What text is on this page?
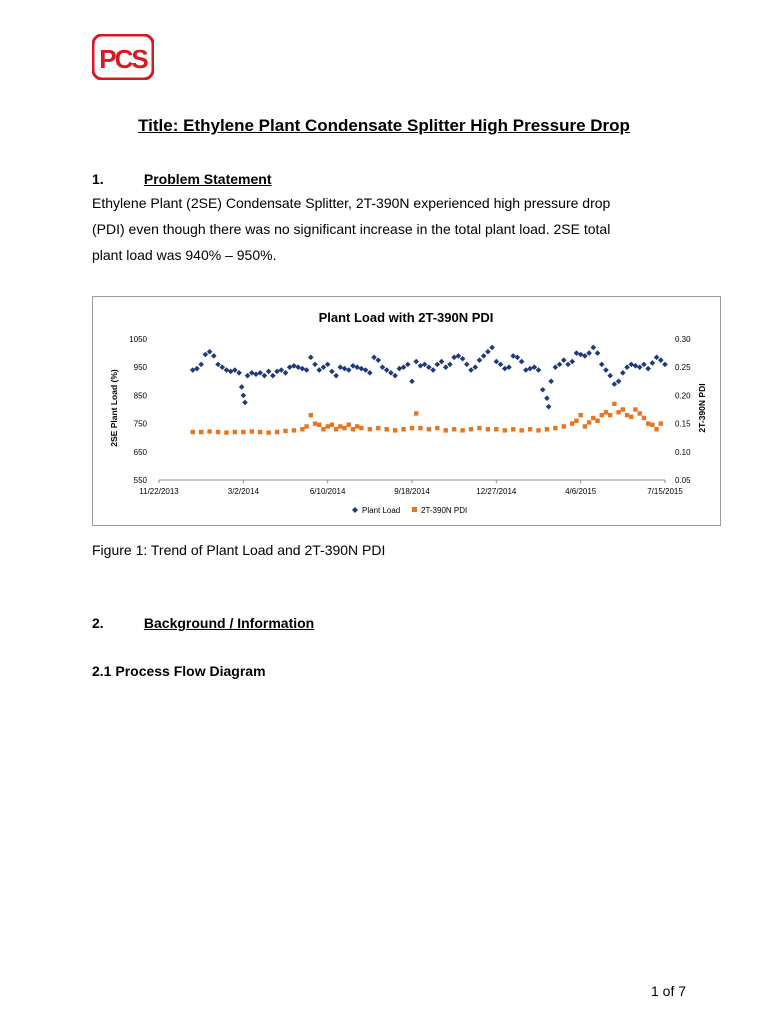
PCS
Title: Ethylene Plant Condensate Splitter High Pressure Drop
1.	Problem Statement
Ethylene Plant (2SE) Condensate Splitter, 2T-390N experienced high pressure drop
(PDI) even though there was no significant increase in the total plant load. 2SE total
plant load was 940% – 950%.
Plant Load with 2T-390N PDI
2SE Plant Load (%)	2T-390N PDI
550
650
750
850
950
1050
0.05
0.10
0.15
0.20
0.25
0.30
11/22/2013	3/2/2014	6/10/2014	9/18/2014	12/27/2014	4/6/2015	7/15/2015
Plant Load	2T-390N PDI
Figure 1: Trend of Plant Load and 2T-390N PDI
2.	Background / Information
2.1 Process Flow Diagram
1 of 7
